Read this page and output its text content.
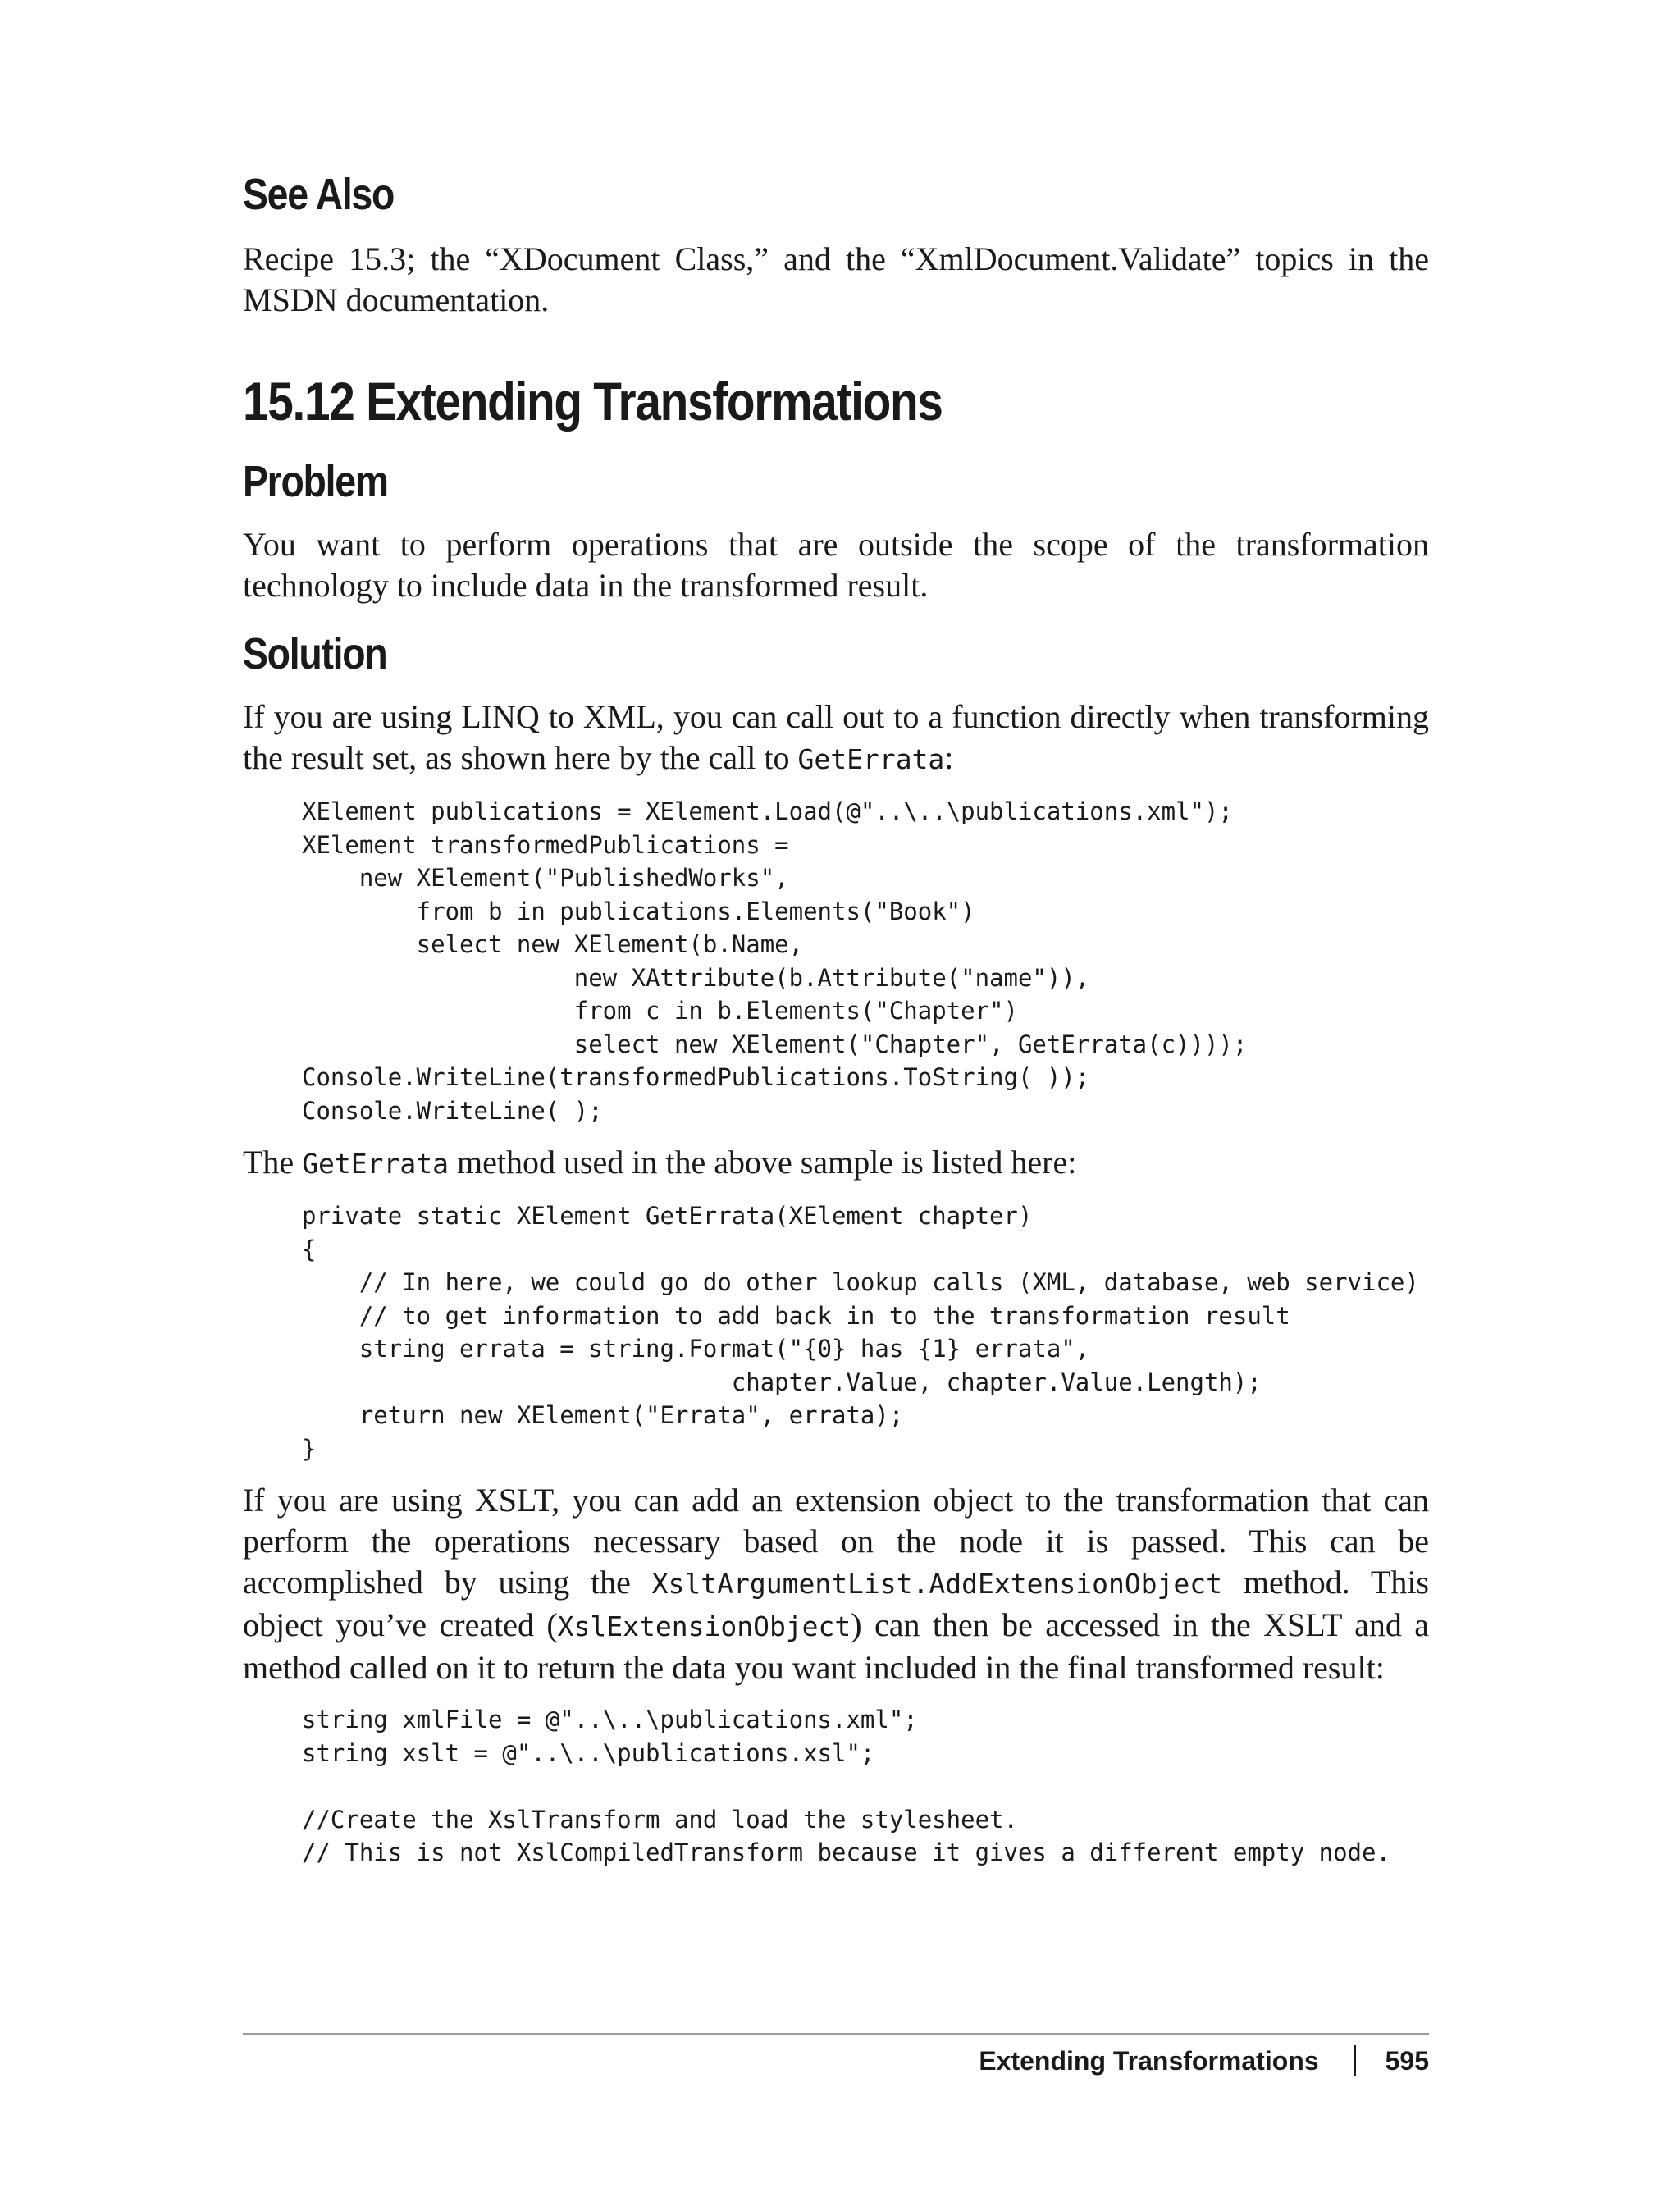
See Also

Recipe 15.3; the “XDocument Class,” and the “XmlDocument.Validate” topics in the MSDN documentation.

15.12 Extending Transformations
Problem

You want to perform operations that are outside the scope of the transformation technology to include data in the transformed result.

Solution

If you are using LINQ to XML, you can call out to a function directly when transforming the result set, as shown here by the call to GetErrata:

XElement publications = XElement.Load(@"..\..\publications.xml");
XElement transformedPublications =
new XElement("PublishedWorks",
from b in publications.Elements("Book")
select new XElement(b.Name,
new XAttribute(b.Attribute("name")),
from c in b.Elements("Chapter")
select new XElement("Chapter", GetErrata(c))));
Console.WriteLine(transformedPublications.ToString( ));
Console.WriteLine( );

The GetErrata method used in the above sample is listed here:

private static XElement GetErrata(XElement chapter)
{
// In here, we could go do other lookup calls (XML, database, web service)
// to get information to add back in to the transformation result
string errata = string.Format("{0} has {1} errata",
chapter.Value, chapter.Value.Length);
return new XElement("Errata", errata);
}

If you are using XSLT, you can add an extension object to the transformation that can perform the operations necessary based on the node it is passed. This can be accomplished by using the XsltArgumentList.AddExtensionObject method. This object you’ve created (XslExtensionObject) can then be accessed in the XSLT and a method called on it to return the data you want included in the final transformed result:

string xmlFile = @"..\..\publications.xml";
string xslt = @"..\..\publications.xsl";

//Create the XslTransform and load the stylesheet.
// This is not XslCompiledTransform because it gives a different empty node.
Extending Transformations	595
